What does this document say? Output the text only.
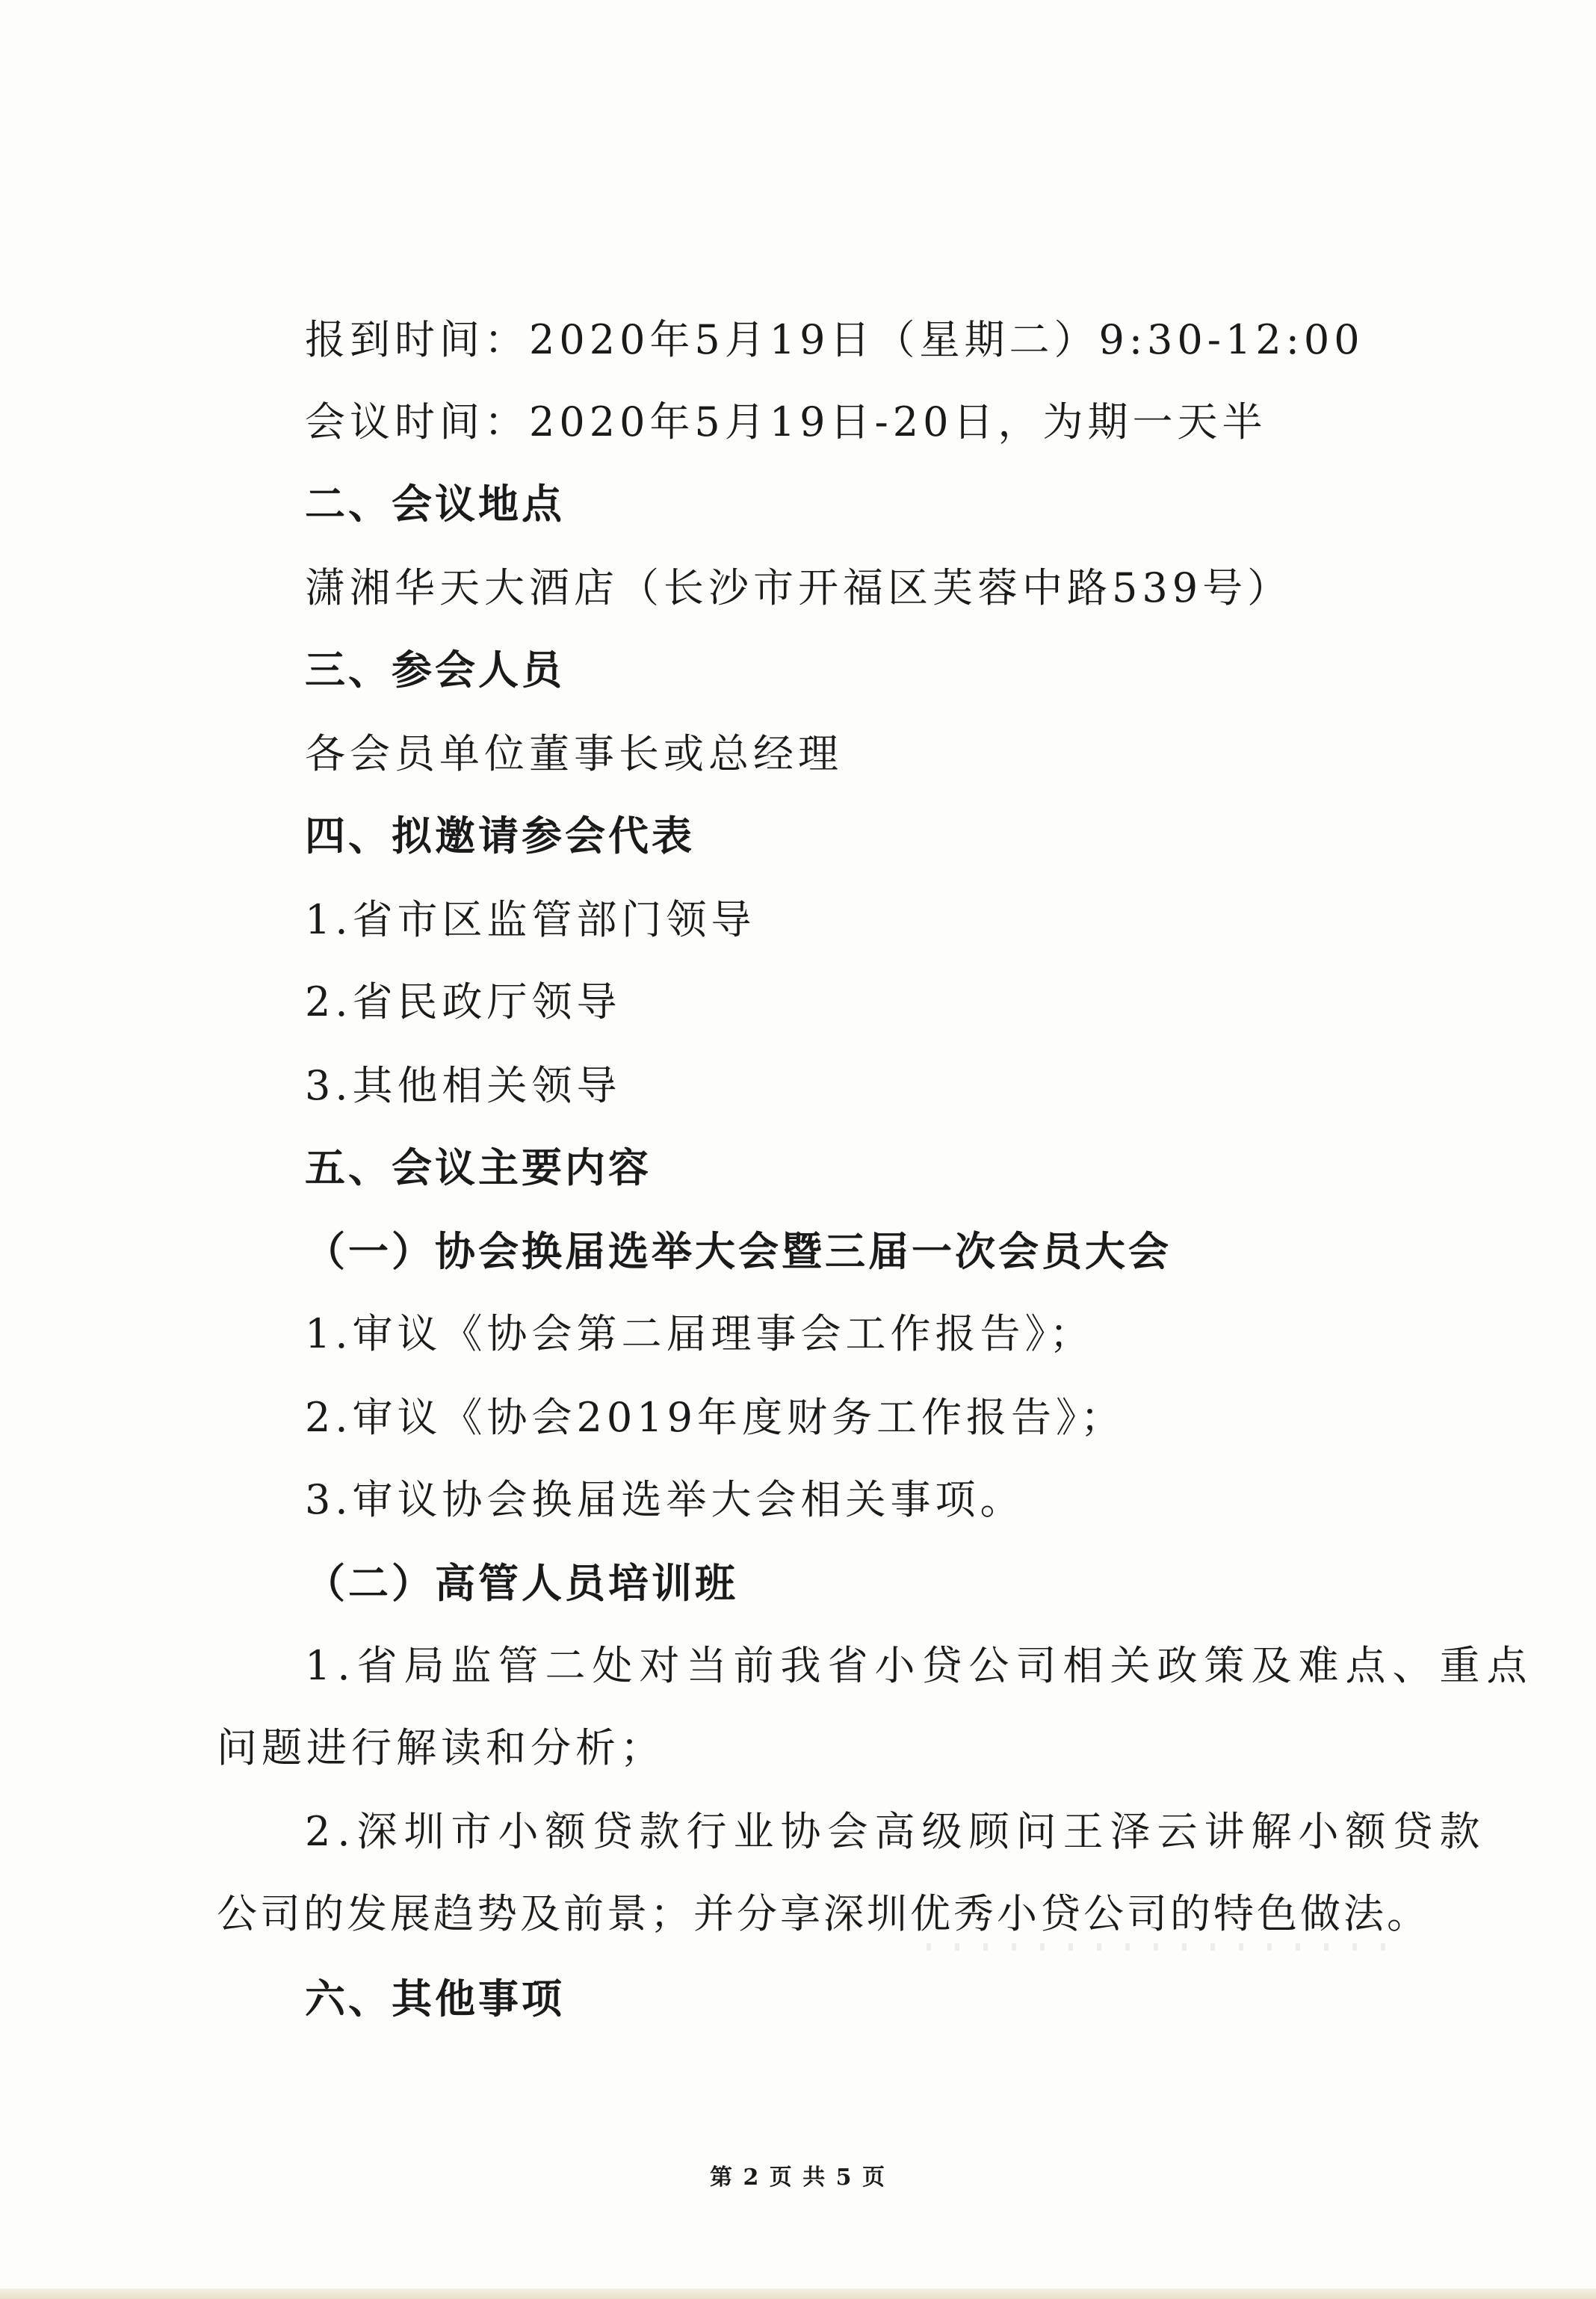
报到时间：2020年5月19日（星期二）9:30-12:00
会议时间：2020年5月19日-20日，为期一天半
二、会议地点
潇湘华天大酒店（长沙市开福区芙蓉中路539号）
三、参会人员
各会员单位董事长或总经理
四、拟邀请参会代表
1.省市区监管部门领导
2.省民政厅领导
3.其他相关领导
五、会议主要内容
（一）协会换届选举大会暨三届一次会员大会
1.审议《协会第二届理事会工作报告》；
2.审议《协会2019年度财务工作报告》；
3.审议协会换届选举大会相关事项。
（二）高管人员培训班
1.省局监管二处对当前我省小贷公司相关政策及难点、重点
问题进行解读和分析；
2.深圳市小额贷款行业协会高级顾问王泽云讲解小额贷款
公司的发展趋势及前景；并分享深圳优秀小贷公司的特色做法。
六、其他事项
第 2 页 共 5 页
